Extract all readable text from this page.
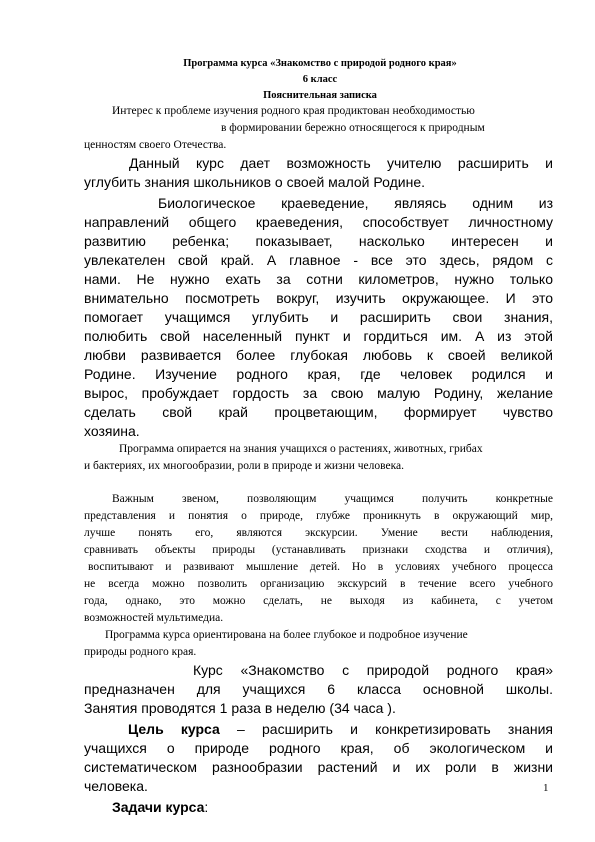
Программа курса «Знакомство с природой родного края»
6 класс
Пояснительная записка
Интерес к проблеме изучения родного края продиктован необходимостью
в формировании бережно относящегося к природным
ценностям своего Отечества.
Данный курс дает возможность учителю расширить и
углубить знания школьников о своей малой Родине.
Биологическое краеведение, являясь одним из
направлений общего краеведения, способствует личностному
развитию ребенка; показывает, насколько интересен и
увлекателен свой край. А главное - все это здесь, рядом с
нами. Не нужно ехать за сотни километров, нужно только
внимательно посмотреть вокруг, изучить окружающее. И это
помогает учащимся углубить и расширить свои знания,
полюбить свой населенный пункт и гордиться им. А из этой
любви развивается более глубокая любовь к своей великой
Родине. Изучение родного края, где человек родился и
вырос, пробуждает гордость за свою малую Родину, желание
сделать свой край процветающим, формирует чувство
хозяина.
Программа опирается на знания учащихся о растениях, животных, грибах
и бактериях, их многообразии, роли в природе и жизни человека.
Важным звеном, позволяющим учащимся получить конкретные
представления и понятия о природе, глубже проникнуть в окружающий мир,
лучше понять его, являются экскурсии. Умение вести наблюдения,
сравнивать объекты природы (устанавливать признаки сходства и отличия),
воспитывают и развивают мышление детей. Но в условиях учебного процесса
не всегда можно позволить организацию экскурсий в течение всего учебного
года, однако, это можно сделать, не выходя из кабинета, с учетом
возможностей мультимедиа.
Программа курса ориентирована на более глубокое и подробное изучение
природы родного края.
Курс «Знакомство с природой родного края»
предназначен для учащихся 6 класса основной школы.
Занятия проводятся 1 раза в неделю (34 часа ).
Цель курса – расширить и конкретизировать знания
учащихся о природе родного края, об экологическом и
систематическом разнообразии растений и их роли в жизни
человека.
Задачи курса:
1
